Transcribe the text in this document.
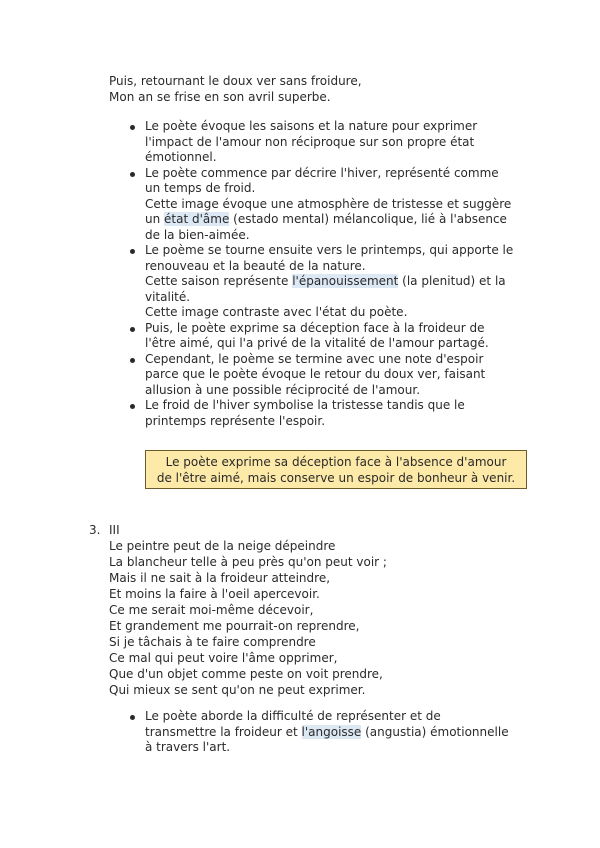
Puis, retournant le doux ver sans froidure,
Mon an se frise en son avril superbe.
Le poète évoque les saisons et la nature pour exprimer
l'impact de l'amour non réciproque sur son propre état
émotionnel.
Le poète commence par décrire l'hiver, représenté comme
un temps de froid.
Cette image évoque une atmosphère de tristesse et suggère
un état d'âme (estado mental) mélancolique, lié à l'absence
de la bien-aimée.
Le poème se tourne ensuite vers le printemps, qui apporte le
renouveau et la beauté de la nature.
Cette saison représente l'épanouissement (la plenitud) et la
vitalité.
Cette image contraste avec l'état du poète.
Puis, le poète exprime sa déception face à la froideur de
l'être aimé, qui l'a privé de la vitalité de l'amour partagé.
Cependant, le poème se termine avec une note d'espoir
parce que le poète évoque le retour du doux ver, faisant
allusion à une possible réciprocité de l'amour.
Le froid de l'hiver symbolise la tristesse tandis que le
printemps représente l'espoir.
Le poète exprime sa déception face à l'absence d'amour
de l'être aimé, mais conserve un espoir de bonheur à venir.
3. III
Le peintre peut de la neige dépeindre
La blancheur telle à peu près qu'on peut voir ;
Mais il ne sait à la froideur atteindre,
Et moins la faire à l'oeil apercevoir.
Ce me serait moi-même décevoir,
Et grandement me pourrait-on reprendre,
Si je tâchais à te faire comprendre
Ce mal qui peut voire l'âme opprimer,
Que d'un objet comme peste on voit prendre,
Qui mieux se sent qu'on ne peut exprimer.
Le poète aborde la difficulté de représenter et de
transmettre la froideur et l'angoisse (angustia) émotionnelle
à travers l'art.
